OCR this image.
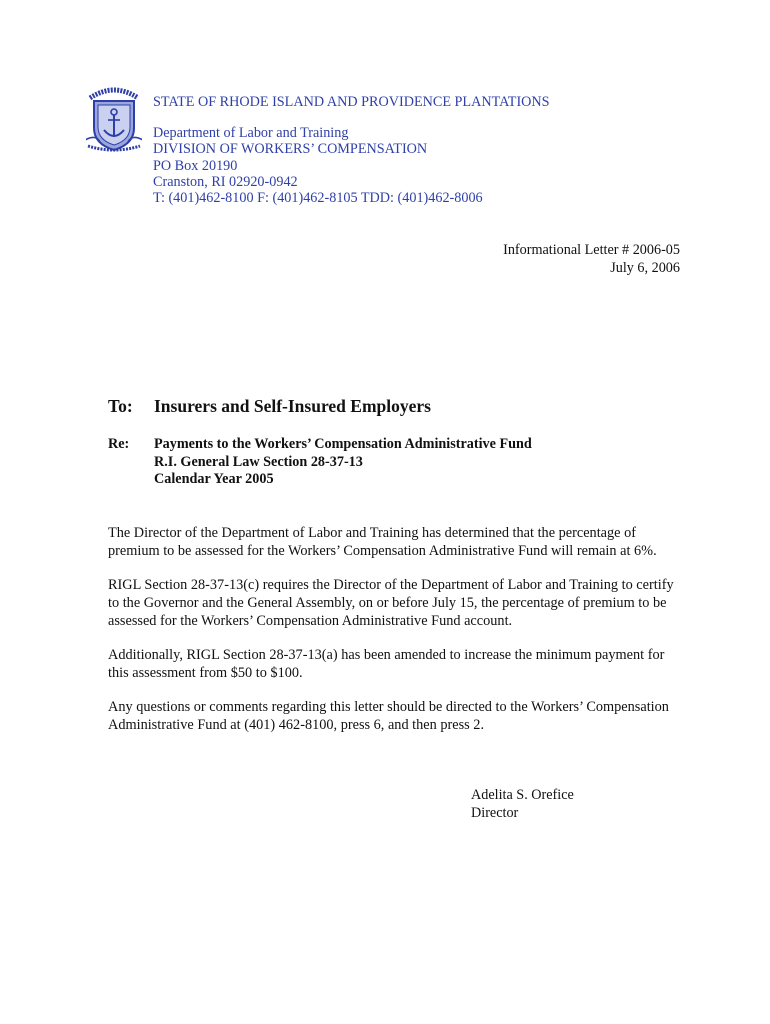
STATE OF RHODE ISLAND AND PROVIDENCE PLANTATIONS
Department of Labor and Training
DIVISION OF WORKERS’ COMPENSATION
PO Box 20190
Cranston, RI 02920-0942
T: (401)462-8100 F: (401)462-8105 TDD: (401)462-8006
Informational Letter # 2006-05
July 6, 2006
To: Insurers and Self-Insured Employers
Re: Payments to the Workers’ Compensation Administrative Fund
R.I. General Law Section 28-37-13
Calendar Year 2005

The Director of the Department of Labor and Training has determined that the percentage of premium to be assessed for the Workers’ Compensation Administrative Fund will remain at 6%.

RIGL Section 28-37-13(c) requires the Director of the Department of Labor and Training to certify to the Governor and the General Assembly, on or before July 15, the percentage of premium to be assessed for the Workers’ Compensation Administrative Fund account.

Additionally, RIGL Section 28-37-13(a) has been amended to increase the minimum payment for this assessment from $50 to $100.

Any questions or comments regarding this letter should be directed to the Workers’ Compensation Administrative Fund at (401) 462-8100, press 6, and then press 2.

Adelita S. Orefice
Director
